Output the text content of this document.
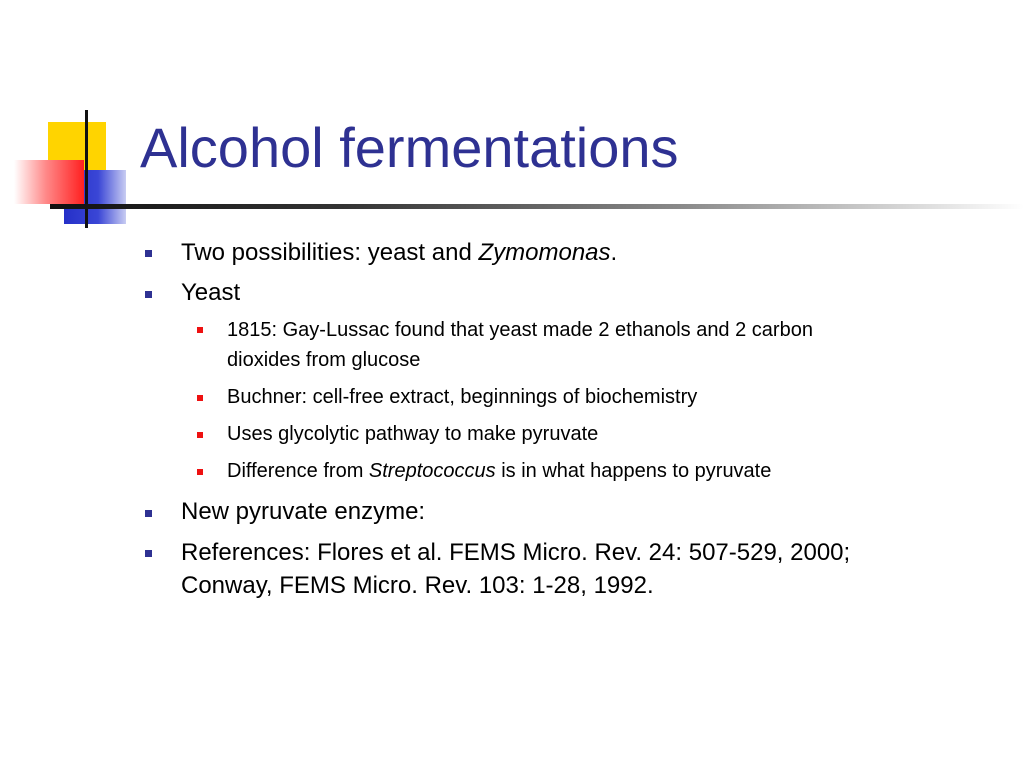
Alcohol fermentations
Two possibilities: yeast and Zymomonas.
Yeast
1815: Gay-Lussac found that yeast made 2 ethanols and 2 carbon
dioxides from glucose
Buchner: cell-free extract, beginnings of biochemistry
Uses glycolytic pathway to make pyruvate
Difference from Streptococcus is in what happens to pyruvate
New pyruvate enzyme:
References: Flores et al. FEMS Micro. Rev. 24: 507-529, 2000;
Conway, FEMS Micro. Rev. 103: 1-28, 1992.
